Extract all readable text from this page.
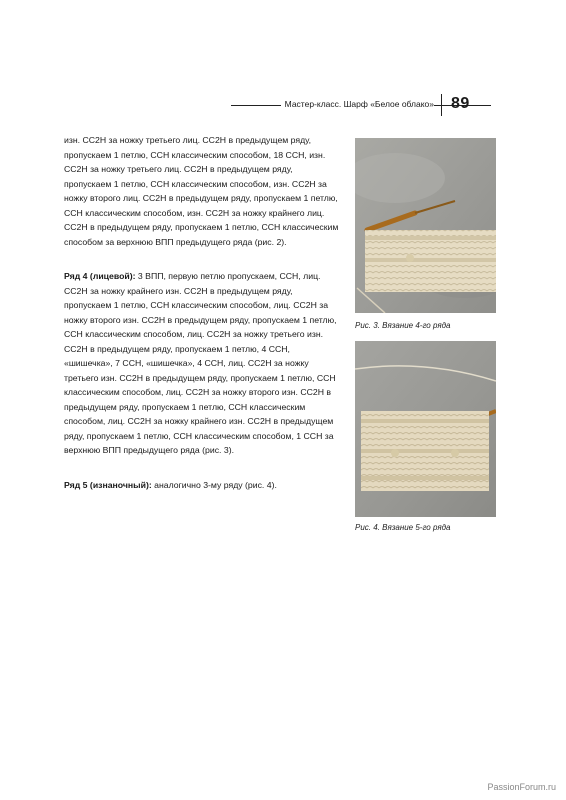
Мастер-класс. Шарф «Белое облако» 89

изн. СС2Н за ножку третьего лиц. СС2Н в предыдущем ряду, пропускаем 1 петлю, ССН классическим способом, 18 ССН, изн. СС2Н за ножку третьего лиц. СС2Н в предыдущем ряду, пропускаем 1 петлю, ССН классическим способом, изн. СС2Н за ножку второго лиц. СС2Н в предыдущем ряду, пропускаем 1 петлю, ССН классическим способом, изн. СС2Н за ножку крайнего лиц. СС2Н в предыдущем ряду, пропускаем 1 петлю, ССН классическим способом за верхнюю ВПП предыдущего ряда (рис. 2).

Ряд 4 (лицевой): 3 ВПП, первую петлю пропускаем, ССН, лиц. СС2Н за ножку крайнего изн. СС2Н в предыдущем ряду, пропускаем 1 петлю, ССН классическим способом, лиц. СС2Н за ножку второго изн. СС2Н в предыдущем ряду, пропускаем 1 петлю, ССН классическим способом, лиц. СС2Н за ножку третьего изн. СС2Н в предыдущем ряду, пропускаем 1 петлю, 4 ССН, «шишечка», 7 ССН, «шишечка», 4 ССН, лиц. СС2Н за ножку третьего изн. СС2Н в предыдущем ряду, пропускаем 1 петлю, ССН классическим способом, лиц. СС2Н за ножку второго изн. СС2Н в предыдущем ряду, пропускаем 1 петлю, ССН классическим способом, лиц. СС2Н за ножку крайнего изн. СС2Н в предыдущем ряду, пропускаем 1 петлю, ССН классическим способом, 1 ССН за верхнюю ВПП предыдущего ряда (рис. 3).

Ряд 5 (изнаночный): аналогично 3-му ряду (рис. 4).

Рис. 3. Вязание 4-го ряда
Рис. 4. Вязание 5-го ряда
PassionForum.ru
